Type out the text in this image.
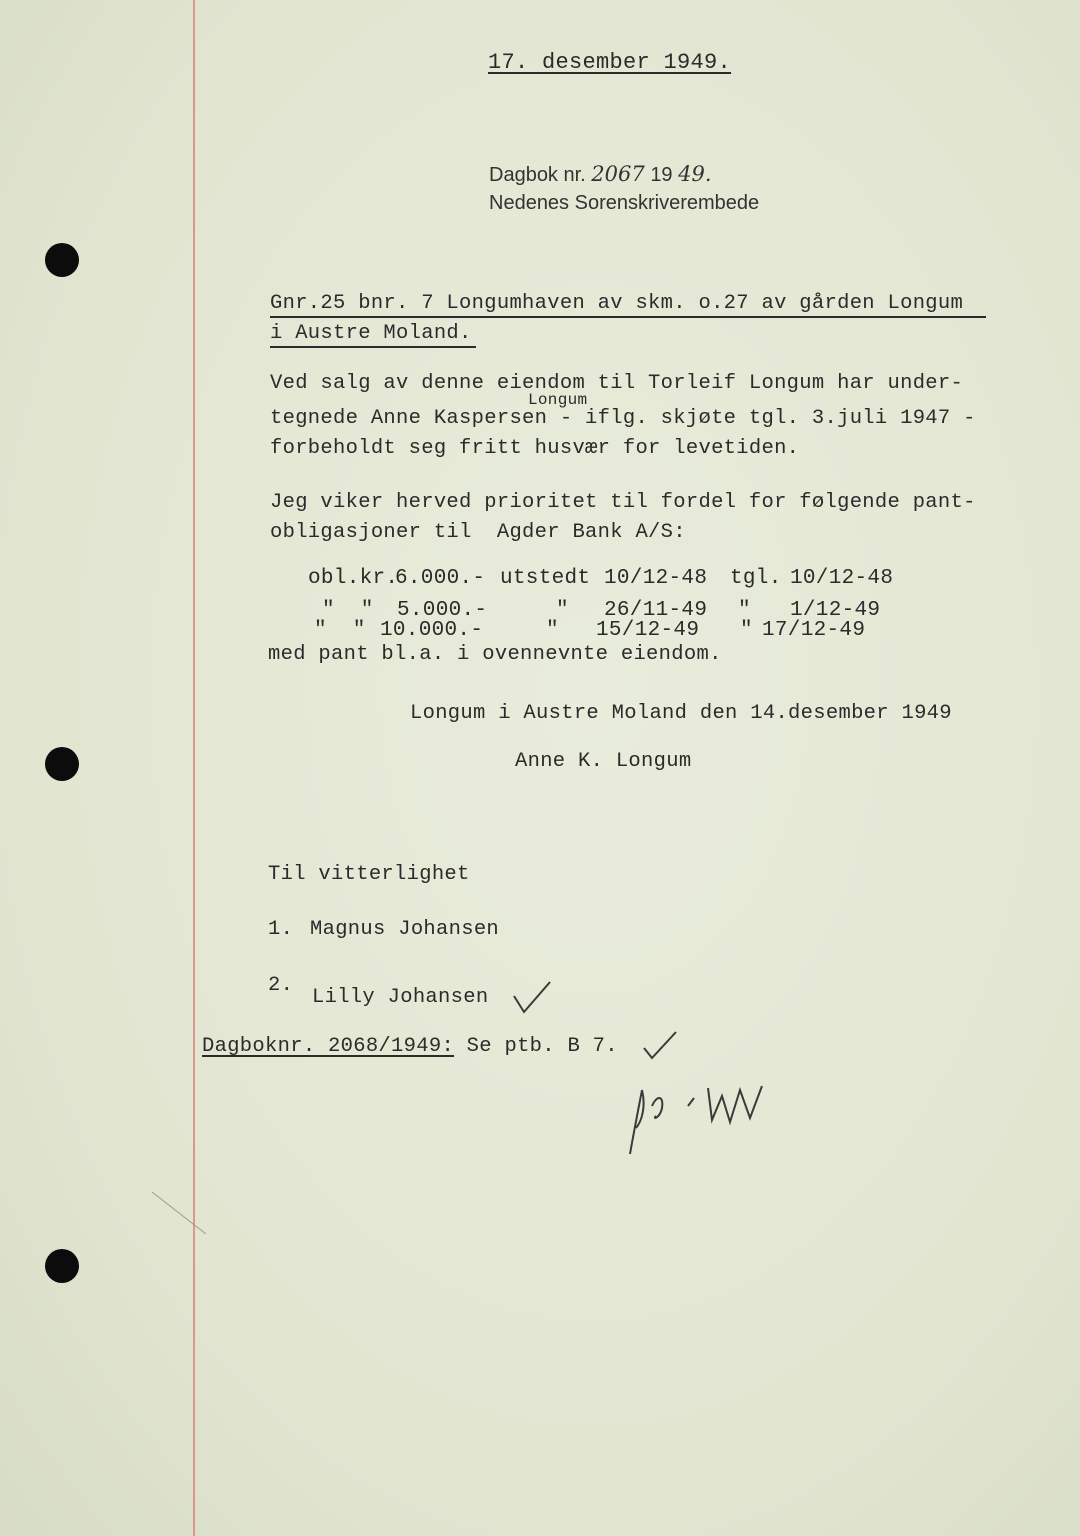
17. desember 1949.
Dagbok nr. 2067 19 49.
Nedenes Sorenskriverembede
Gnr.25 bnr. 7 Longumhaven av skm. o.27 av gården Longum
i Austre Moland.
Ved salg av denne eiendom til Torleif Longum har under-
Longum
tegnede Anne Kaspersen - iflg. skjøte tgl. 3.juli 1947 -
forbeholdt seg fritt husvær for levetiden.
Jeg viker herved prioritet til fordel for følgende pant-
obligasjoner til  Agder Bank A/S:
obl.kr.
6.000.- utstedt 10/12-48 tgl. 10/12-48
"  " 5.000.-	" 26/11-49 " 1/12-49
"  " 10.000.-	" 15/12-49 " 17/12-49
med pant bl.a. i ovennevnte eiendom.
Longum i Austre Moland den 14.desember 1949
Anne K. Longum
Til vitterlighet
1. Magnus Johansen
2.
Lilly Johansen
Dagboknr. 2068/1949: Se ptb. B 7.
